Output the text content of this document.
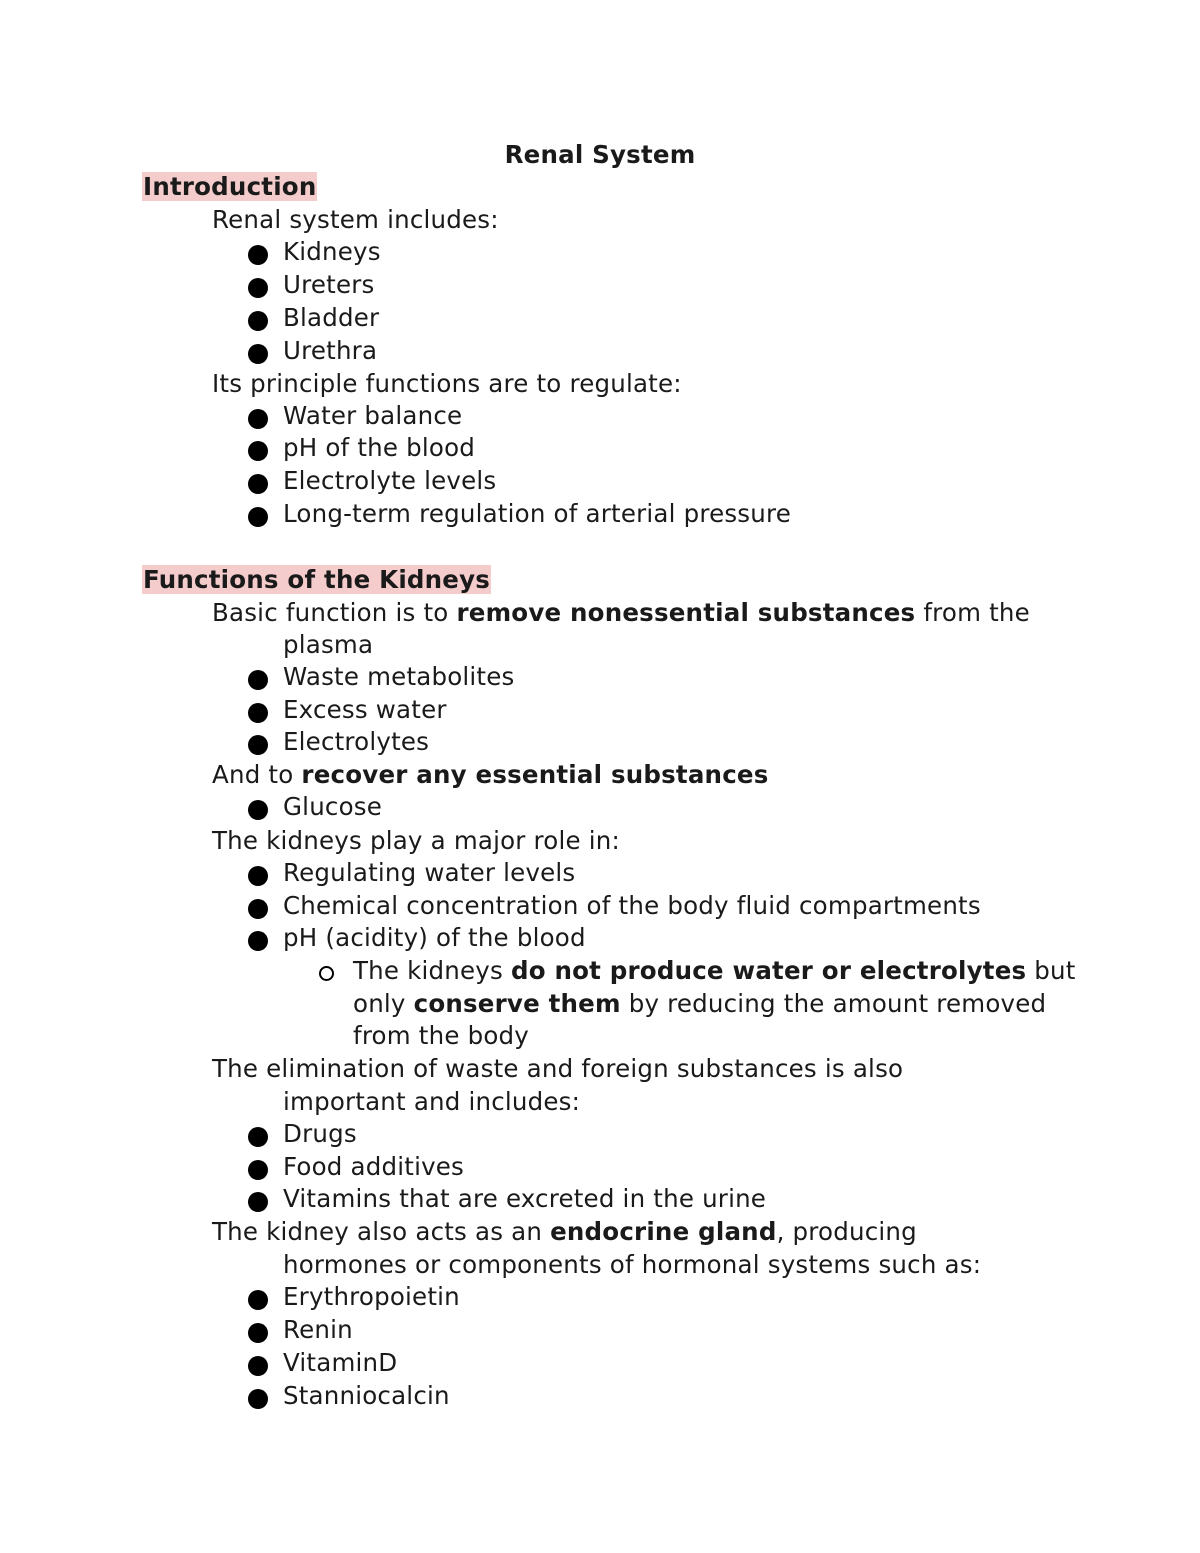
Renal System
Introduction
Renal system includes:
Kidneys
Ureters
Bladder
Urethra
Its principle functions are to regulate:
Water balance
pH of the blood
Electrolyte levels
Long-term regulation of arterial pressure
Functions of the Kidneys
Basic function is to remove nonessential substances from the
plasma
Waste metabolites
Excess water
Electrolytes
And to recover any essential substances
Glucose
The kidneys play a major role in:
Regulating water levels
Chemical concentration of the body fluid compartments
pH (acidity) of the blood
The kidneys do not produce water or electrolytes but
only conserve them by reducing the amount removed
from the body
The elimination of waste and foreign substances is also
important and includes:
Drugs
Food additives
Vitamins that are excreted in the urine
The kidney also acts as an endocrine gland, producing
hormones or components of hormonal systems such as:
Erythropoietin
Renin
VitaminD
Stanniocalcin
